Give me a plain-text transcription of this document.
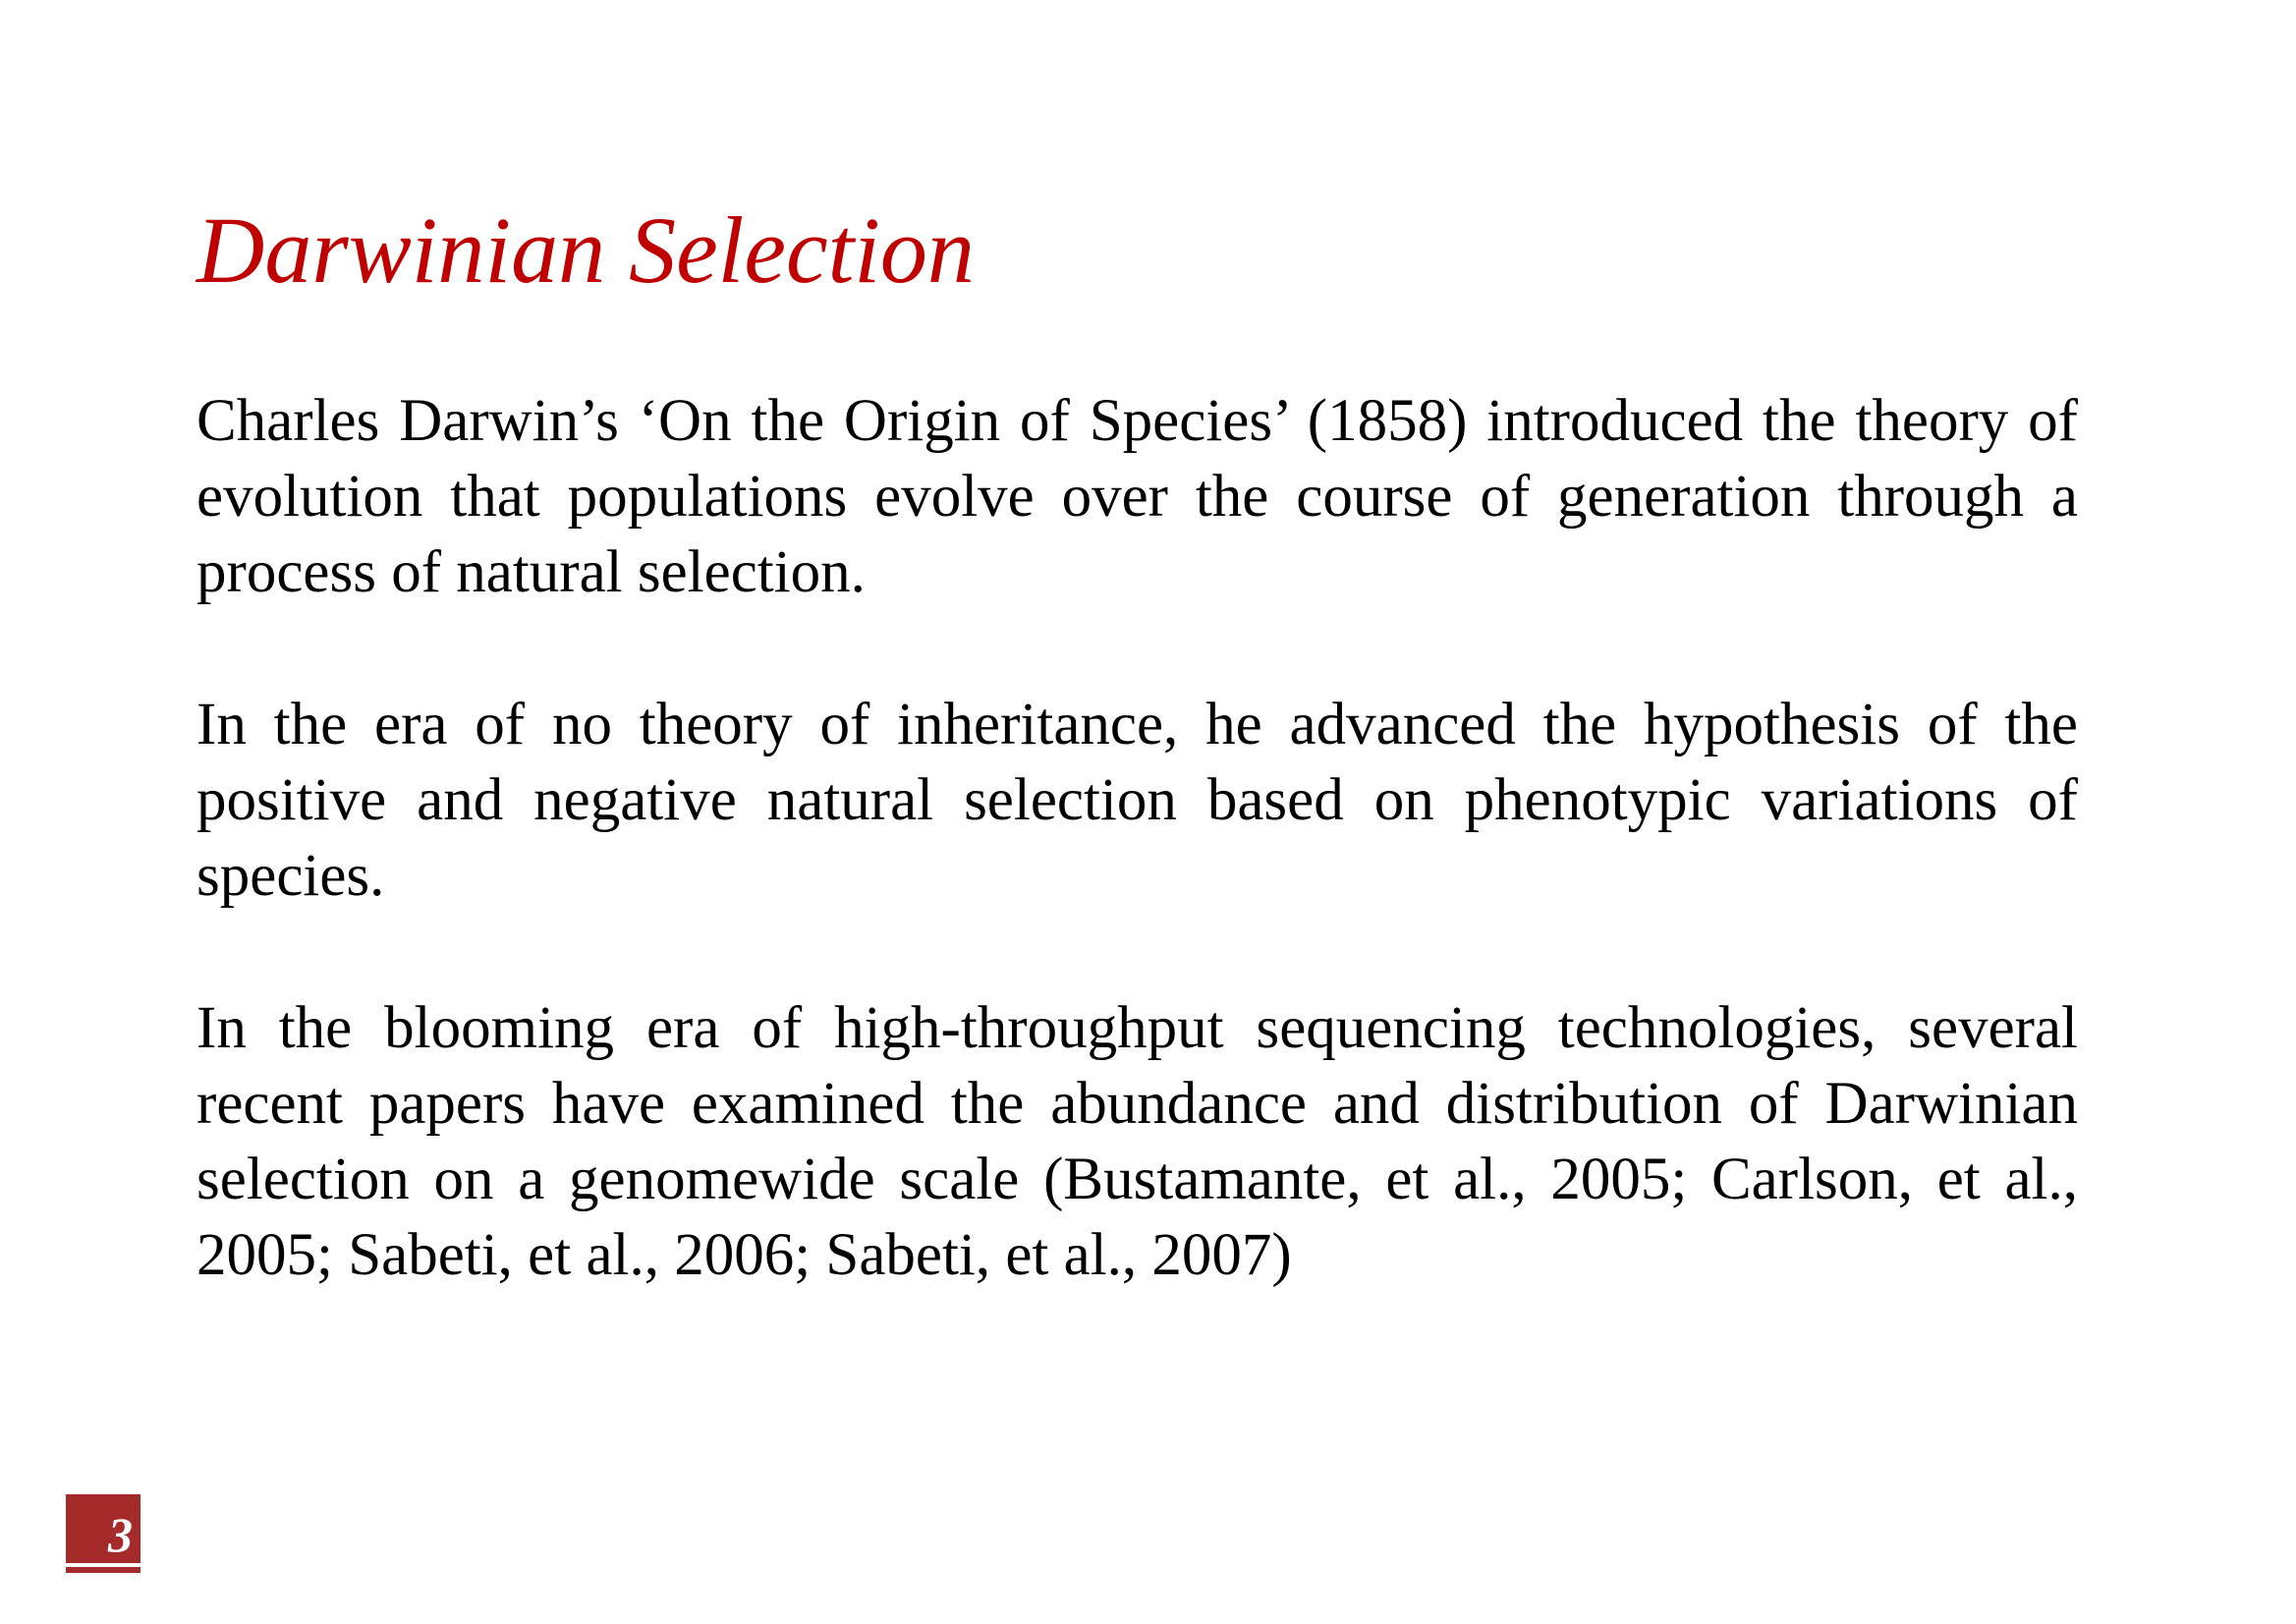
Darwinian Selection

Charles Darwin’s ‘On the Origin of Species’ (1858) introduced the theory of evolution that populations evolve over the course of generation through a process of natural selection.

In the era of no theory of inheritance, he advanced the hypothesis of the positive and negative natural selection based on phenotypic variations of species.

In the blooming era of high-throughput sequencing technologies, several recent papers have examined the abundance and distribution of Darwinian selection on a genomewide scale (Bustamante, et al., 2005; Carlson, et al., 2005; Sabeti, et al., 2006; Sabeti, et al., 2007)

3
